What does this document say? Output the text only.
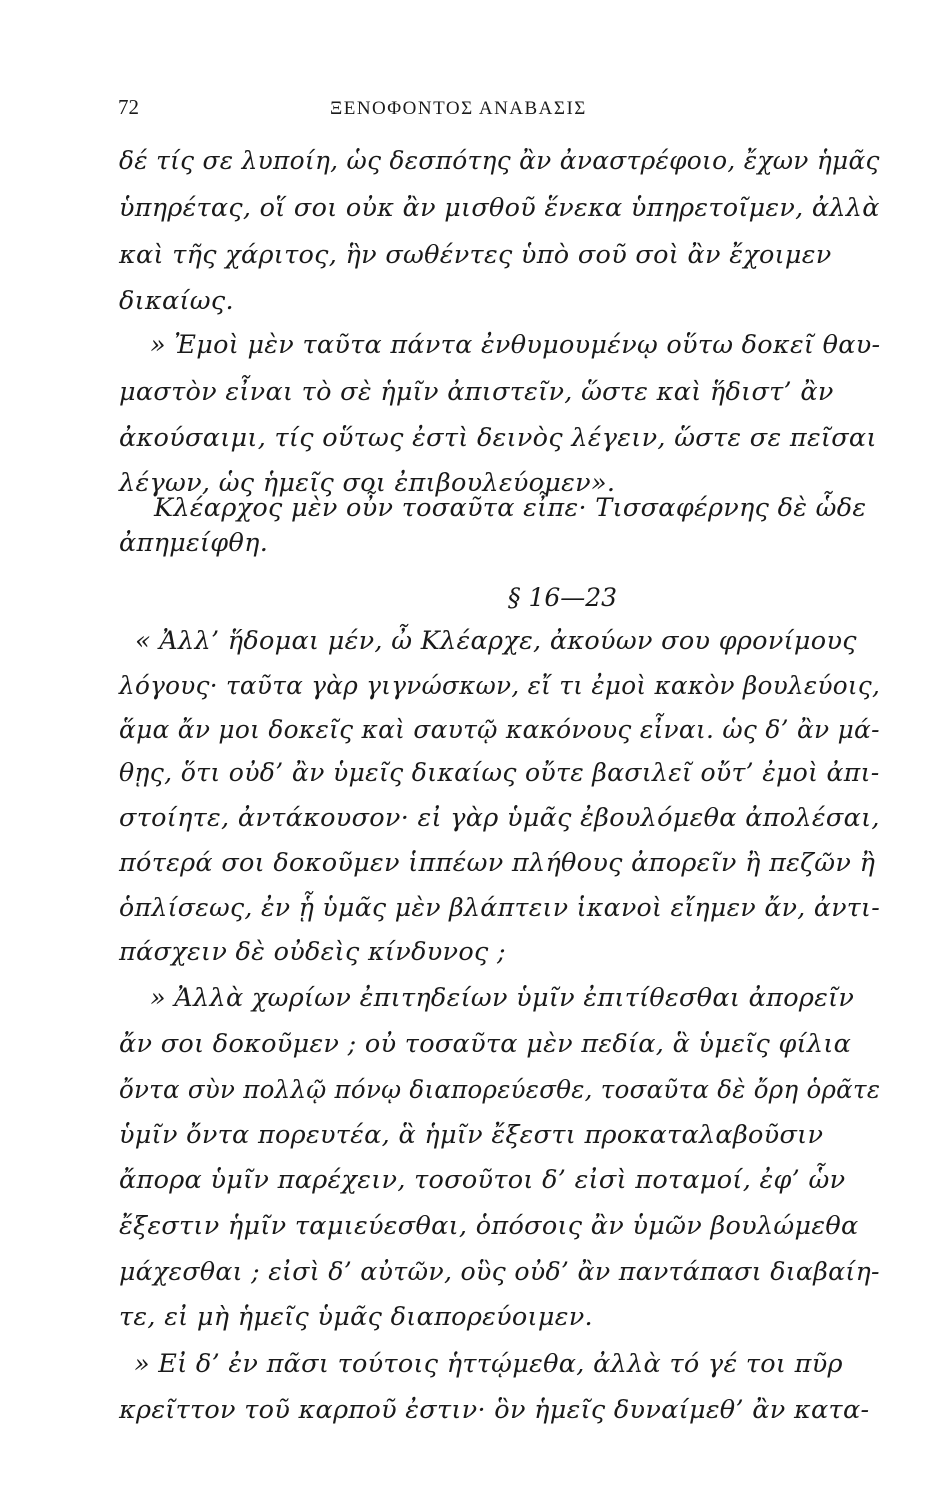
72	ΞΕΝΟΦΟΝΤΟΣ ΑΝΑΒΑΣΙΣ
δέ τίς σε λυποίη, ὡς δεσπότης ἂν ἀναστρέφοιο, ἔχων ἡμᾶς
ὑπηρέτας, οἵ σοι οὐκ ἂν μισθοῦ ἕνεκα ὑπηρετοῖμεν, ἀλλὰ
καὶ τῆς χάριτος, ἣν σωθέντες ὑπὸ σοῦ σοὶ ἂν ἔχοιμεν
δικαίως.
» Ἐμοὶ μὲν ταῦτα πάντα ἐνθυμουμένῳ οὕτω δοκεῖ θαυ-
μαστὸν εἶναι τὸ σὲ ἡμῖν ἀπιστεῖν, ὥστε καὶ ἥδιστ’ ἂν
ἀκούσαιμι, τίς οὕτως ἐστὶ δεινὸς λέγειν, ὥστε σε πεῖσαι
λέγων, ὡς ἡμεῖς σοι ἐπιβουλεύομεν».
Κλέαρχος μὲν οὖν τοσαῦτα εἶπε· Τισσαφέρνης δὲ ὧδε
ἀπημείφθη.
§ 16—23
« Ἀλλ’ ἥδομαι μέν, ὦ Κλέαρχε, ἀκούων σου φρονίμους
λόγους· ταῦτα γὰρ γιγνώσκων, εἴ τι ἐμοὶ κακὸν βουλεύοις,
ἅμα ἄν μοι δοκεῖς καὶ σαυτῷ κακόνους εἶναι. ὡς δ’ ἂν μά-
θῃς, ὅτι οὐδ’ ἂν ὑμεῖς δικαίως οὔτε βασιλεῖ οὔτ’ ἐμοὶ ἀπι-
στοίητε, ἀντάκουσον· εἰ γὰρ ὑμᾶς ἐβουλόμεθα ἀπολέσαι,
πότερά σοι δοκοῦμεν ἱππέων πλήθους ἀπορεῖν ἢ πεζῶν ἢ
ὁπλίσεως, ἐν ᾗ ὑμᾶς μὲν βλάπτειν ἱκανοὶ εἴημεν ἄν, ἀντι-
πάσχειν δὲ οὐδεὶς κίνδυνος ;
» Ἀλλὰ χωρίων ἐπιτηδείων ὑμῖν ἐπιτίθεσθαι ἀπορεῖν
ἄν σοι δοκοῦμεν ; οὐ τοσαῦτα μὲν πεδία, ἃ ὑμεῖς φίλια
ὄντα σὺν πολλῷ πόνῳ διαπορεύεσθε, τοσαῦτα δὲ ὄρη ὁρᾶτε
ὑμῖν ὄντα πορευτέα, ἃ ἡμῖν ἔξεστι προκαταλαβοῦσιν
ἄπορα ὑμῖν παρέχειν, τοσοῦτοι δ’ εἰσὶ ποταμοί, ἐφ’ ὧν
ἔξεστιν ἡμῖν ταμιεύεσθαι, ὁπόσοις ἂν ὑμῶν βουλώμεθα
μάχεσθαι ; εἰσὶ δ’ αὐτῶν, οὓς οὐδ’ ἂν παντάπασι διαβαίη-
τε, εἰ μὴ ἡμεῖς ὑμᾶς διαπορεύοιμεν.
» Εἰ δ’ ἐν πᾶσι τούτοις ἡττῴμεθα, ἀλλὰ τό γέ τοι πῦρ
κρεῖττον τοῦ καρποῦ ἐστιν· ὃν ἡμεῖς δυναίμεθ’ ἂν κατα-
